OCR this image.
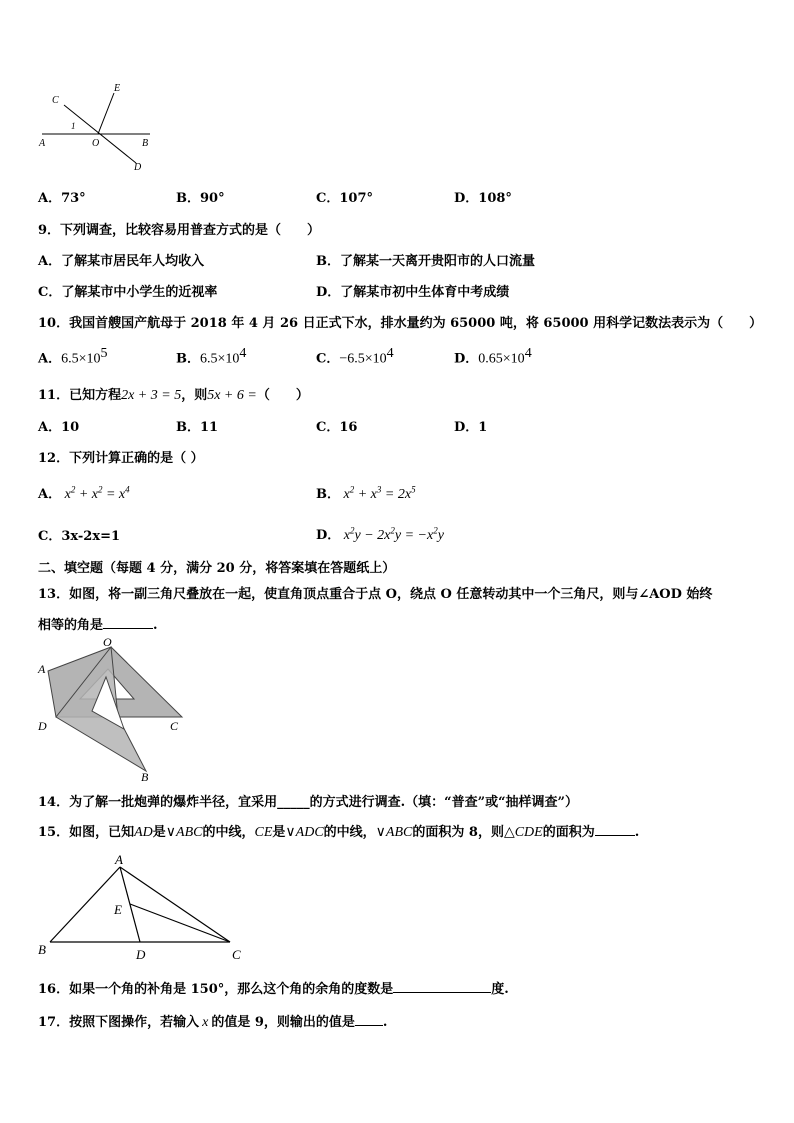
C
E
1
A	O	B
D
A．73°	B．90°	C．107°	D．108°
9．下列调查，比较容易用普查方式的是（　　）
A．了解某市居民年人均收入	B．了解某一天离开贵阳市的人口流量
C．了解某市中小学生的近视率	D．了解某市初中生体育中考成绩
10．我国首艘国产航母于 2018 年 4 月 26 日正式下水，排水量约为 65000 吨，将 65000 用科学记数法表示为（　　）
A．$6.5\times 10^5$	B．$6.5\times 10^4$	C．$-6.5\times 10^4$	D．$0.65\times 10^4$
11．已知方程2x + 3 = 5，则5x + 6 =（　　）
A．10	B．11	C．16	D．1
12．下列计算正确的是（ ）
A． $x^2 + x^2 = x^4$	B． $x^2 + x^3 = 2x^5$
C．3x-2x=1	D． $x^2y - 2x^2y = -x^2y$
二、填空题（每题 4 分，满分 20 分，将答案填在答题纸上）
13．如图，将一副三角尺叠放在一起，使直角顶点重合于点 O，绕点 O 任意转动其中一个三角尺，则与∠AOD 始终
相等的角是	.
O
A
D	C
B
14．为了解一批炮弹的爆炸半径，宜采用_____的方式进行调查.（填：“普查”或“抽样调查”）
15．如图，已知AD是∨ABC的中线，CE是∨ADC的中线，∨ABC的面积为 8，则△CDE的面积为	.
A
E
B	D	C
16．如果一个角的补角是 150°，那么这个角的余角的度数是	度.
17．按照下图操作，若输入 x 的值是 9，则输出的值是 .
